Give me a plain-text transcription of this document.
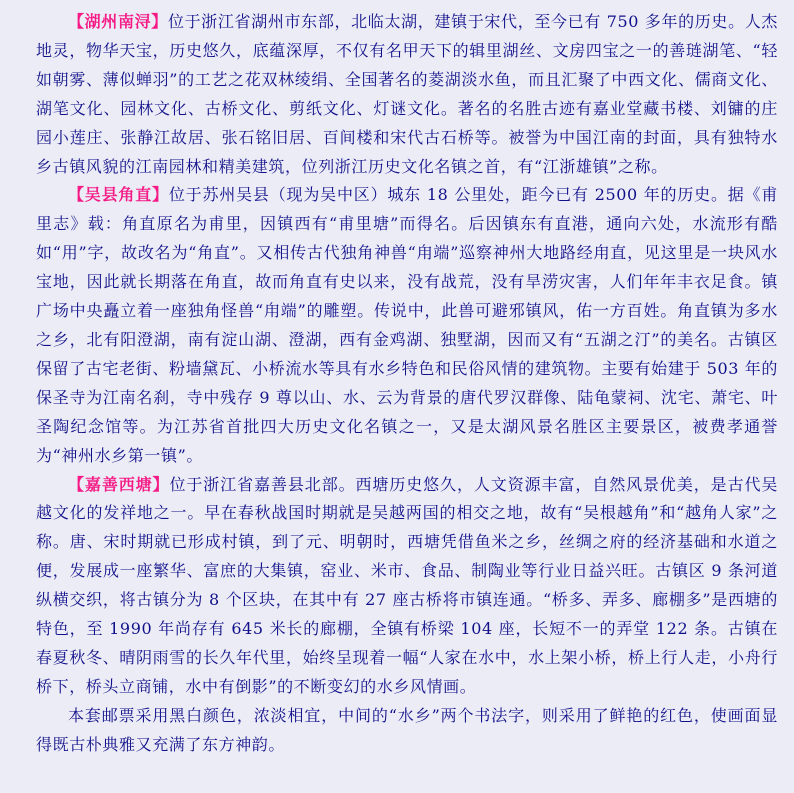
【湖州南浔】位于浙江省湖州市东部，北临太湖，建镇于宋代，至今已有 750 多年的历史。人杰地灵，物华天宝，历史悠久，底蕴深厚，不仅有名甲天下的辑里湖丝、文房四宝之一的善琏湖笔、“轻如朝雾、薄似蝉羽”的工艺之花双林绫绢、全国著名的菱湖淡水鱼，而且汇聚了中西文化、儒商文化、湖笔文化、园林文化、古桥文化、剪纸文化、灯谜文化。著名的名胜古迹有嘉业堂藏书楼、刘镛的庄园小莲庄、张静江故居、张石铭旧居、百间楼和宋代古石桥等。被誉为中国江南的封面，具有独特水乡古镇风貌的江南园林和精美建筑，位列浙江历史文化名镇之首，有“江浙雄镇”之称。

【吴县角直】位于苏州吴县（现为吴中区）城东 18 公里处，距今已有 2500 年的历史。据《甫里志》载：角直原名为甫里，因镇西有“甫里塘”而得名。后因镇东有直港，通向六处，水流形有酷如“用”字，故改名为“角直”。又相传古代独角神兽“甪端”巡察神州大地路经甪直，见这里是一块风水宝地，因此就长期落在角直，故而角直有史以来，没有战荒，没有旱涝灾害，人们年年丰衣足食。镇广场中央矗立着一座独角怪兽“甪端”的雕塑。传说中，此兽可避邪镇风，佑一方百姓。角直镇为多水之乡，北有阳澄湖，南有淀山湖、澄湖，西有金鸡湖、独墅湖，因而又有“五湖之汀”的美名。古镇区保留了古宅老街、粉墙黛瓦、小桥流水等具有水乡特色和民俗风情的建筑物。主要有始建于 503 年的保圣寺为江南名刹，寺中残存 9 尊以山、水、云为背景的唐代罗汉群像、陆龟蒙祠、沈宅、萧宅、叶圣陶纪念馆等。为江苏省首批四大历史文化名镇之一，又是太湖风景名胜区主要景区，被费孝通誉为“神州水乡第一镇”。

【嘉善西塘】位于浙江省嘉善县北部。西塘历史悠久，人文资源丰富，自然风景优美，是古代吴越文化的发祥地之一。早在春秋战国时期就是吴越两国的相交之地，故有“吴根越角”和“越角人家”之称。唐、宋时期就已形成村镇，到了元、明朝时，西塘凭借鱼米之乡，丝绸之府的经济基础和水道之便，发展成一座繁华、富庶的大集镇，窑业、米市、食品、制陶业等行业日益兴旺。古镇区 9 条河道纵横交织，将古镇分为 8 个区块，在其中有 27 座古桥将市镇连通。“桥多、弄多、廊棚多”是西塘的特色，至 1990 年尚存有 645 米长的廊棚，全镇有桥梁 104 座，长短不一的弄堂 122 条。古镇在春夏秋冬、晴阴雨雪的长久年代里，始终呈现着一幅“人家在水中，水上架小桥，桥上行人走，小舟行桥下，桥头立商铺，水中有倒影”的不断变幻的水乡风情画。

本套邮票采用黑白颜色，浓淡相宜，中间的“水乡”两个书法字，则采用了鲜艳的红色，使画面显得既古朴典雅又充满了东方神韵。
